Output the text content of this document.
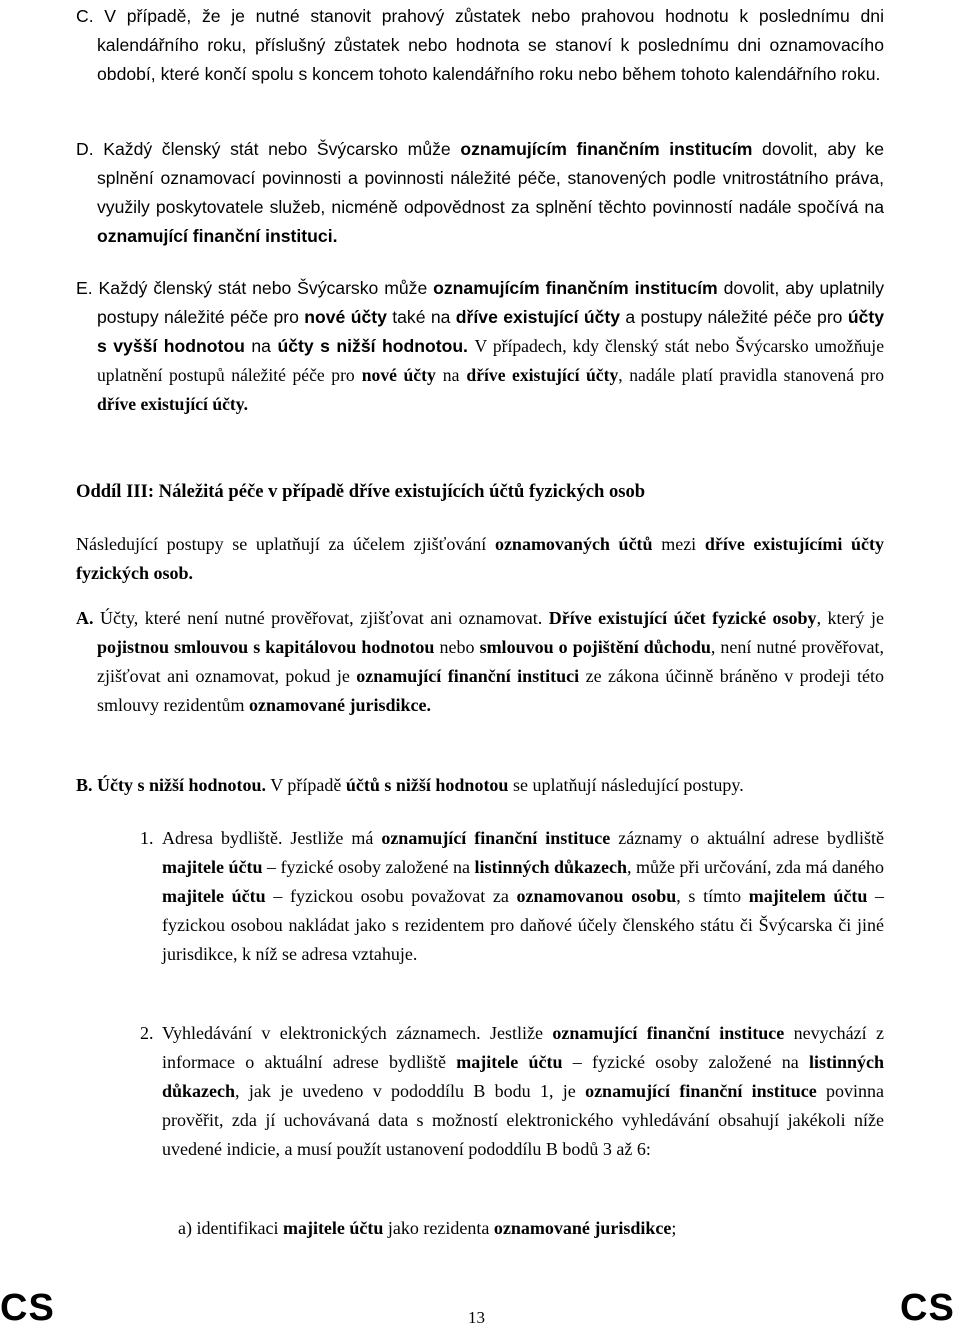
C. V případě, že je nutné stanovit prahový zůstatek nebo prahovou hodnotu k poslednímu dni kalendářního roku, příslušný zůstatek nebo hodnota se stanoví k poslednímu dni oznamovacího období, které končí spolu s koncem tohoto kalendářního roku nebo během tohoto kalendářního roku.
D. Každý členský stát nebo Švýcarsko může oznamujícím finančním institucím dovolit, aby ke splnění oznamovací povinnosti a povinnosti náležité péče, stanovených podle vnitrostátního práva, využily poskytovatele služeb, nicméně odpovědnost za splnění těchto povinností nadále spočívá na oznamující finanční instituci.
E. Každý členský stát nebo Švýcarsko může oznamujícím finančním institucím dovolit, aby uplatnily postupy náležité péče pro nové účty také na dříve existující účty a postupy náležité péče pro účty s vyšší hodnotou na účty s nižší hodnotou. V případech, kdy členský stát nebo Švýcarsko umožňuje uplatnění postupů náležité péče pro nové účty na dříve existující účty, nadále platí pravidla stanovená pro dříve existující účty.
Oddíl III: Náležitá péče v případě dříve existujících účtů fyzických osob
Následující postupy se uplatňují za účelem zjišťování oznamovaných účtů mezi dříve existujícími účty fyzických osob.
A. Účty, které není nutné prověřovat, zjišťovat ani oznamovat. Dříve existující účet fyzické osoby, který je pojistnou smlouvou s kapitálovou hodnotou nebo smlouvou o pojištění důchodu, není nutné prověřovat, zjišťovat ani oznamovat, pokud je oznamující finanční instituci ze zákona účinně bráněno v prodeji této smlouvy rezidentům oznamované jurisdikce.
B. Účty s nižší hodnotou. V případě účtů s nižší hodnotou se uplatňují následující postupy.
1. Adresa bydliště. Jestliže má oznamující finanční instituce záznamy o aktuální adrese bydliště majitele účtu – fyzické osoby založené na listinných důkazech, může při určování, zda má daného majitele účtu – fyzickou osobu považovat za oznamovanou osobu, s tímto majitelem účtu – fyzickou osobou nakládat jako s rezidentem pro daňové účely členského státu či Švýcarska či jiné jurisdikce, k níž se adresa vztahuje.
2. Vyhledávání v elektronických záznamech. Jestliže oznamující finanční instituce nevychází z informace o aktuální adrese bydliště majitele účtu – fyzické osoby založené na listinných důkazech, jak je uvedeno v pododdílu B bodu 1, je oznamující finanční instituce povinna prověřit, zda jí uchovávaná data s možností elektronického vyhledávání obsahují jakékoli níže uvedené indicie, a musí použít ustanovení pododdílu B bodů 3 až 6:
a) identifikaci majitele účtu jako rezidenta oznamované jurisdikce;
CS	13	CS
